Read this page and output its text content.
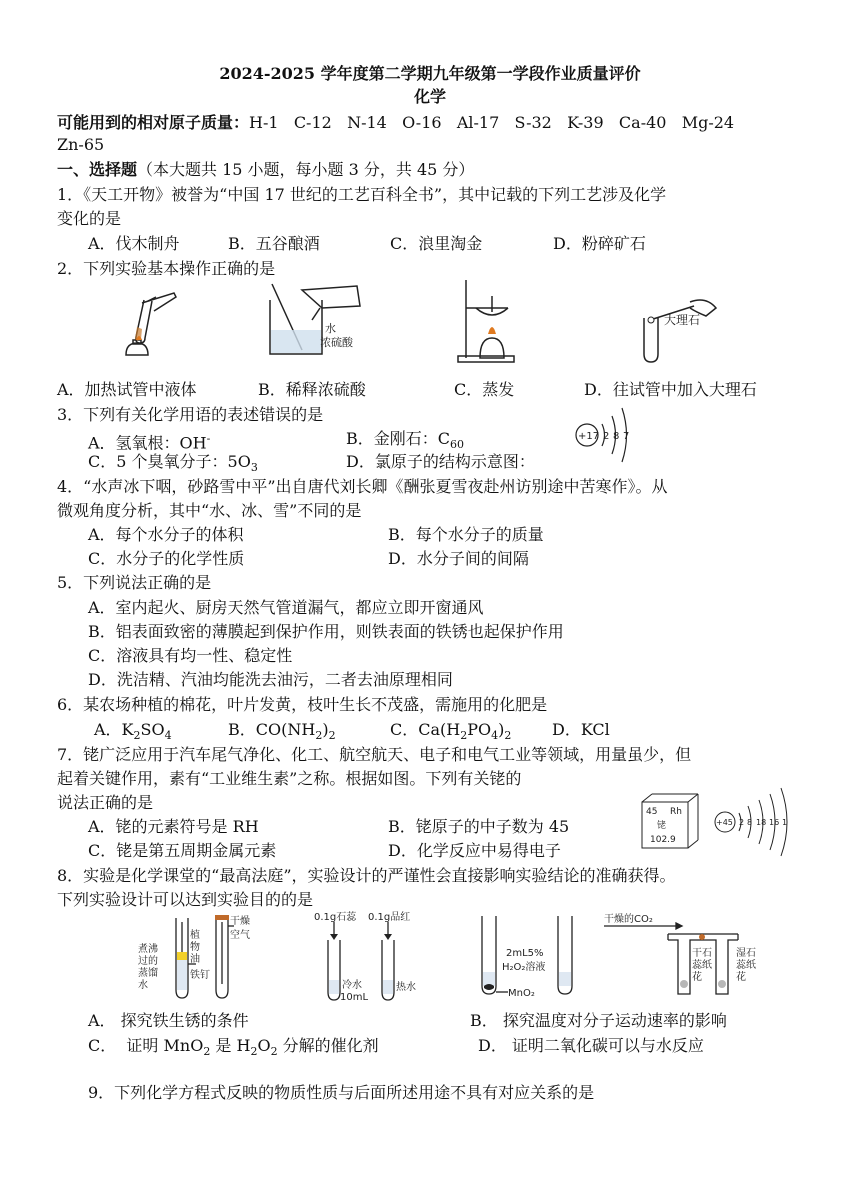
2024-2025 学年度第二学期九年级第一学段作业质量评价
化学
可能用到的相对原子质量：H-1   C-12   N-14   O-16   Al-17   S-32   K-39   Ca-40   Mg-24
Zn-65
一、选择题（本大题共 15 小题，每小题 3 分，共 45 分）
1．《天工开物》被誉为“中国 17 世纪的工艺百科全书”，其中记载的下列工艺涉及化学
变化的是
A．伐木制舟	B．五谷酿酒	C．浪里淘金	D．粉碎矿石
2．下列实验基本操作正确的是
水
浓硫酸
大理石
A．加热试管中液体	B．稀释浓硫酸	C．蒸发	D．往试管中加入大理石
3．下列有关化学用语的表述错误的是
A．氢氧根：OH-	B．金刚石：$C_{60}$
C．5 个臭氧分子：$5O_3$	D．氯原子的结构示意图：
+17 2 8 7
4．“水声冰下咽，砂路雪中平”出自唐代刘长卿《酬张夏雪夜赴州访别途中苦寒作》。从
微观角度分析，其中“水、冰、雪”不同的是
A．每个水分子的体积	B．每个水分子的质量
C．水分子的化学性质	D．水分子间的间隔
5．下列说法正确的是
A．室内起火、厨房天然气管道漏气，都应立即开窗通风
B．铝表面致密的薄膜起到保护作用，则铁表面的铁锈也起保护作用
C．溶液具有均一性、稳定性
D．洗洁精、汽油均能洗去油污，二者去油原理相同
6．某农场种植的棉花，叶片发黄，枝叶生长不茂盛，需施用的化肥是
A．$K_2SO_4$	B．$CO(NH_2)_2$	C．$Ca(H_2PO_4)_2$	D．KCl
7．铑广泛应用于汽车尾气净化、化工、航空航天、电子和电气工业等领域，用量虽少，但
起着关键作用，素有“工业维生素”之称。根据如图。下列有关铑的
说法正确的是
A．铑的元素符号是 RH	B．铑原子的中子数为 45
C．铑是第五周期金属元素	D．化学反应中易得电子
45 Rh
铑
102.9
+45 2 8 18 16 1
8．实验是化学课堂的“最高法庭”，实验设计的严谨性会直接影响实验结论的准确获得。
下列实验设计可以达到实验目的的是
煮沸
过的
蒸馏
水
植
物
油
铁钉
干燥
空气
0.1g石蕊 0.1g品红
冷水
10mL
热水
2mL5%
H₂O₂溶液
MnO₂
干燥的CO₂
干石
蕊纸
花
湿石
蕊纸
花
A． 探究铁生锈的条件	B． 探究温度对分子运动速率的影响
C．  证明 MnO$_2$ 是 $H_2O_2$ 分解的催化剂	D． 证明二氧化碳可以与水反应
9．下列化学方程式反映的物质性质与后面所述用途不具有对应关系的是
